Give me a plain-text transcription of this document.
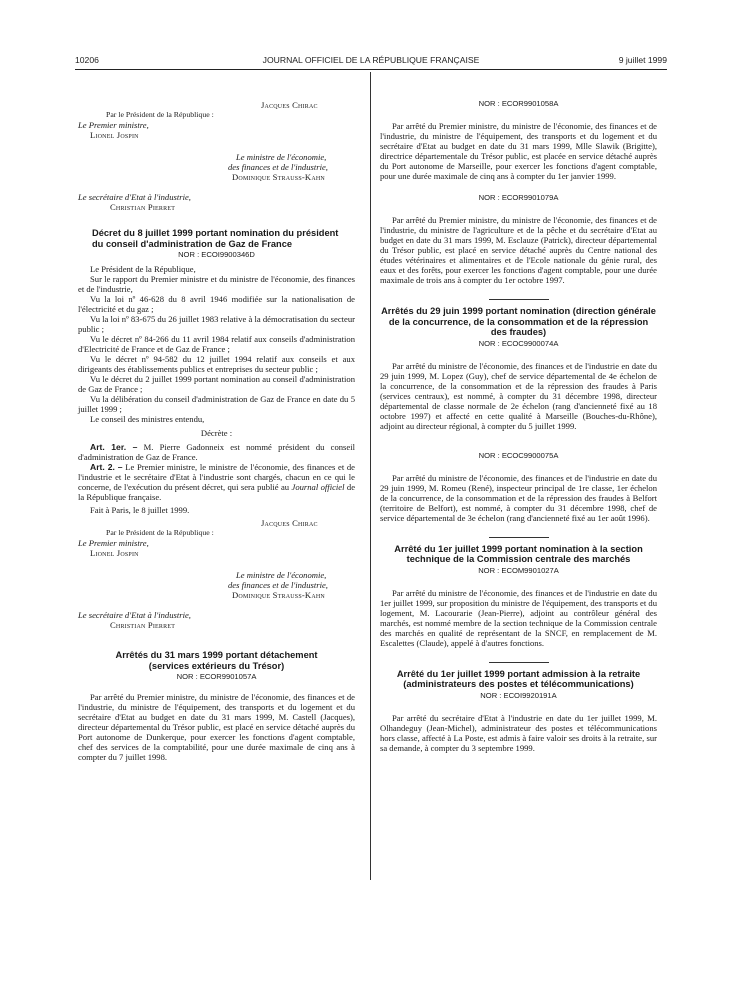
10206	JOURNAL OFFICIEL DE LA RÉPUBLIQUE FRANÇAISE	9 juillet 1999

Jacques Chirac

Par le Président de la République :

Le Premier ministre,

Lionel Jospin

Le ministre de l'économie,

des finances et de l'industrie,

Dominique Strauss-Kahn

Le secrétaire d'Etat à l'industrie,

Christian Pierret

Décret du 8 juillet 1999 portant nomination du président du conseil d'administration de Gaz de France

NOR : ECOI9900346D

Le Président de la République,

Sur le rapport du Premier ministre et du ministre de l'économie, des finances et de l'industrie,

Vu la loi nº 46-628 du 8 avril 1946 modifiée sur la nationalisation de l'électricité et du gaz ;

Vu la loi nº 83-675 du 26 juillet 1983 relative à la démocratisation du secteur public ;

Vu le décret nº 84-266 du 11 avril 1984 relatif aux conseils d'administration d'Electricité de France et de Gaz de France ;

Vu le décret nº 94-582 du 12 juillet 1994 relatif aux conseils et aux dirigeants des établissements publics et entreprises du secteur public ;

Vu le décret du 2 juillet 1999 portant nomination au conseil d'administration de Gaz de France ;

Vu la délibération du conseil d'administration de Gaz de France en date du 5 juillet 1999 ;

Le conseil des ministres entendu,

Décrète :

Art. 1er. – M. Pierre Gadonneix est nommé président du conseil d'administration de Gaz de France.

Art. 2. – Le Premier ministre, le ministre de l'économie, des finances et de l'industrie et le secrétaire d'Etat à l'industrie sont chargés, chacun en ce qui le concerne, de l'exécution du présent décret, qui sera publié au Journal officiel de la République française.

Fait à Paris, le 8 juillet 1999.

Jacques Chirac

Par le Président de la République :

Le Premier ministre,

Lionel Jospin

Le ministre de l'économie,

des finances et de l'industrie,

Dominique Strauss-Kahn

Le secrétaire d'Etat à l'industrie,

Christian Pierret

Arrêtés du 31 mars 1999 portant détachement

(services extérieurs du Trésor)

NOR : ECOR9901057A

Par arrêté du Premier ministre, du ministre de l'économie, des finances et de l'industrie, du ministre de l'équipement, des transports et du logement et du secrétaire d'Etat au budget en date du 31 mars 1999, M. Castell (Jacques), directeur départemental du Trésor public, est placé en service détaché auprès du Port autonome de Dunkerque, pour exercer les fonctions d'agent comptable, chef des services de la comptabilité, pour une durée maximale de cinq ans à compter du 7 juillet 1998.

NOR : ECOR9901058A

Par arrêté du Premier ministre, du ministre de l'économie, des finances et de l'industrie, du ministre de l'équipement, des transports et du logement et du secrétaire d'Etat au budget en date du 31 mars 1999, Mlle Slawik (Brigitte), directrice départementale du Trésor public, est placée en service détaché auprès du Port autonome de Marseille, pour exercer les fonctions d'agent comptable, pour une durée maximale de cinq ans à compter du 1er janvier 1999.

NOR : ECOR9901079A

Par arrêté du Premier ministre, du ministre de l'économie, des finances et de l'industrie, du ministre de l'agriculture et de la pêche et du secrétaire d'Etat au budget en date du 31 mars 1999, M. Esclauze (Patrick), directeur départemental du Trésor public, est placé en service détaché auprès du Centre national des études vétérinaires et alimentaires et de l'Ecole nationale du génie rural, des eaux et des forêts, pour exercer les fonctions d'agent comptable, pour une durée maximale de trois ans à compter du 1er octobre 1997.

Arrêtés du 29 juin 1999 portant nomination (direction générale de la concurrence, de la consommation et de la répression des fraudes)

NOR : ECOC9900074A

Par arrêté du ministre de l'économie, des finances et de l'industrie en date du 29 juin 1999, M. Lopez (Guy), chef de service départemental de 4e échelon de la concurrence, de la consommation et de la répression des fraudes à Paris (services centraux), est nommé, à compter du 31 décembre 1998, directeur départemental de classe normale de 2e échelon (rang d'ancienneté fixé au 18 octobre 1997) et affecté en cette qualité à Marseille (Bouches-du-Rhône), adjoint au directeur régional, à compter du 5 juillet 1999.

NOR : ECOC9900075A

Par arrêté du ministre de l'économie, des finances et de l'industrie en date du 29 juin 1999, M. Romeu (René), inspecteur principal de 1re classe, 1er échelon de la concurrence, de la consommation et de la répression des fraudes à Belfort (territoire de Belfort), est nommé, à compter du 31 décembre 1998, chef de service départemental de 3e échelon (rang d'ancienneté fixé au 1er août 1996).

Arrêté du 1er juillet 1999 portant nomination à la section technique de la Commission centrale des marchés

NOR : ECOM9901027A

Par arrêté du ministre de l'économie, des finances et de l'industrie en date du 1er juillet 1999, sur proposition du ministre de l'équipement, des transports et du logement, M. Lacourarie (Jean-Pierre), adjoint au contrôleur général des marchés, est nommé membre de la section technique de la Commission centrale des marchés en qualité de représentant de la SNCF, en remplacement de M. Escalettes (Claude), appelé à d'autres fonctions.

Arrêté du 1er juillet 1999 portant admission à la retraite (administrateurs des postes et télécommunications)

NOR : ECOI9920191A

Par arrêté du secrétaire d'Etat à l'industrie en date du 1er juillet 1999, M. Olhandeguy (Jean-Michel), administrateur des postes et télécommunications hors classe, affecté à La Poste, est admis à faire valoir ses droits à la retraite, sur sa demande, à compter du 3 septembre 1999.
